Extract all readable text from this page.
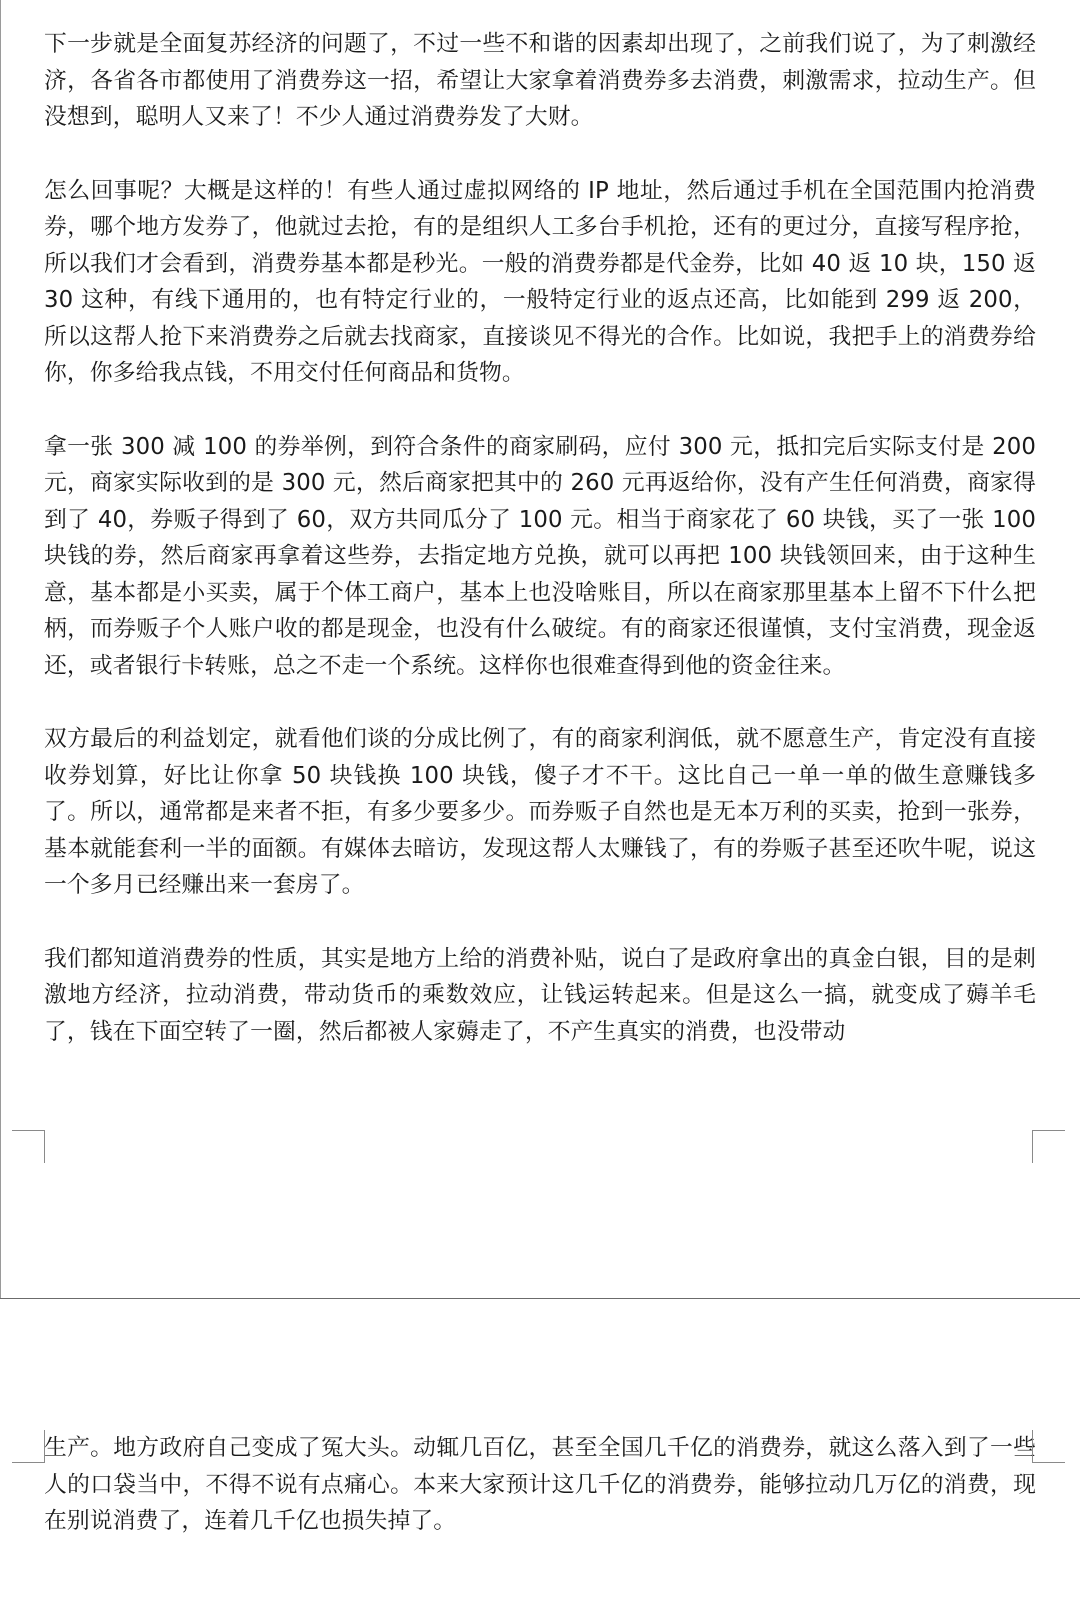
下一步就是全面复苏经济的问题了，不过一些不和谐的因素却出现了，之前我们说了，为了刺激经济，各省各市都使用了消费券这一招，希望让大家拿着消费券多去消费，刺激需求，拉动生产。但没想到，聪明人又来了！不少人通过消费券发了大财。

怎么回事呢？大概是这样的！有些人通过虚拟网络的 IP 地址，然后通过手机在全国范围内抢消费券，哪个地方发券了，他就过去抢，有的是组织人工多台手机抢，还有的更过分，直接写程序抢，所以我们才会看到，消费券基本都是秒光。一般的消费券都是代金券，比如 40 返 10 块，150 返 30 这种，有线下通用的，也有特定行业的，一般特定行业的返点还高，比如能到 299 返 200，所以这帮人抢下来消费券之后就去找商家，直接谈见不得光的合作。比如说，我把手上的消费券给你，你多给我点钱，不用交付任何商品和货物。

拿一张 300 减 100 的券举例，到符合条件的商家刷码，应付 300 元，抵扣完后实际支付是 200 元，商家实际收到的是 300 元，然后商家把其中的 260 元再返给你，没有产生任何消费，商家得到了 40，券贩子得到了 60，双方共同瓜分了 100 元。相当于商家花了 60 块钱，买了一张 100 块钱的券，然后商家再拿着这些券，去指定地方兑换，就可以再把 100 块钱领回来，由于这种生意，基本都是小买卖，属于个体工商户，基本上也没啥账目，所以在商家那里基本上留不下什么把柄，而券贩子个人账户收的都是现金，也没有什么破绽。有的商家还很谨慎，支付宝消费，现金返还，或者银行卡转账，总之不走一个系统。这样你也很难查得到他的资金往来。

双方最后的利益划定，就看他们谈的分成比例了，有的商家利润低，就不愿意生产，肯定没有直接收券划算，好比让你拿 50 块钱换 100 块钱，傻子才不干。这比自己一单一单的做生意赚钱多了。所以，通常都是来者不拒，有多少要多少。而券贩子自然也是无本万利的买卖，抢到一张券，基本就能套利一半的面额。有媒体去暗访，发现这帮人太赚钱了，有的券贩子甚至还吹牛呢，说这一个多月已经赚出来一套房了。

我们都知道消费券的性质，其实是地方上给的消费补贴，说白了是政府拿出的真金白银，目的是刺激地方经济，拉动消费，带动货币的乘数效应，让钱运转起来。但是这么一搞，就变成了薅羊毛了，钱在下面空转了一圈，然后都被人家薅走了，不产生真实的消费，也没带动

生产。地方政府自己变成了冤大头。动辄几百亿，甚至全国几千亿的消费券，就这么落入到了一些人的口袋当中，不得不说有点痛心。本来大家预计这几千亿的消费券，能够拉动几万亿的消费，现在别说消费了，连着几千亿也损失掉了。
